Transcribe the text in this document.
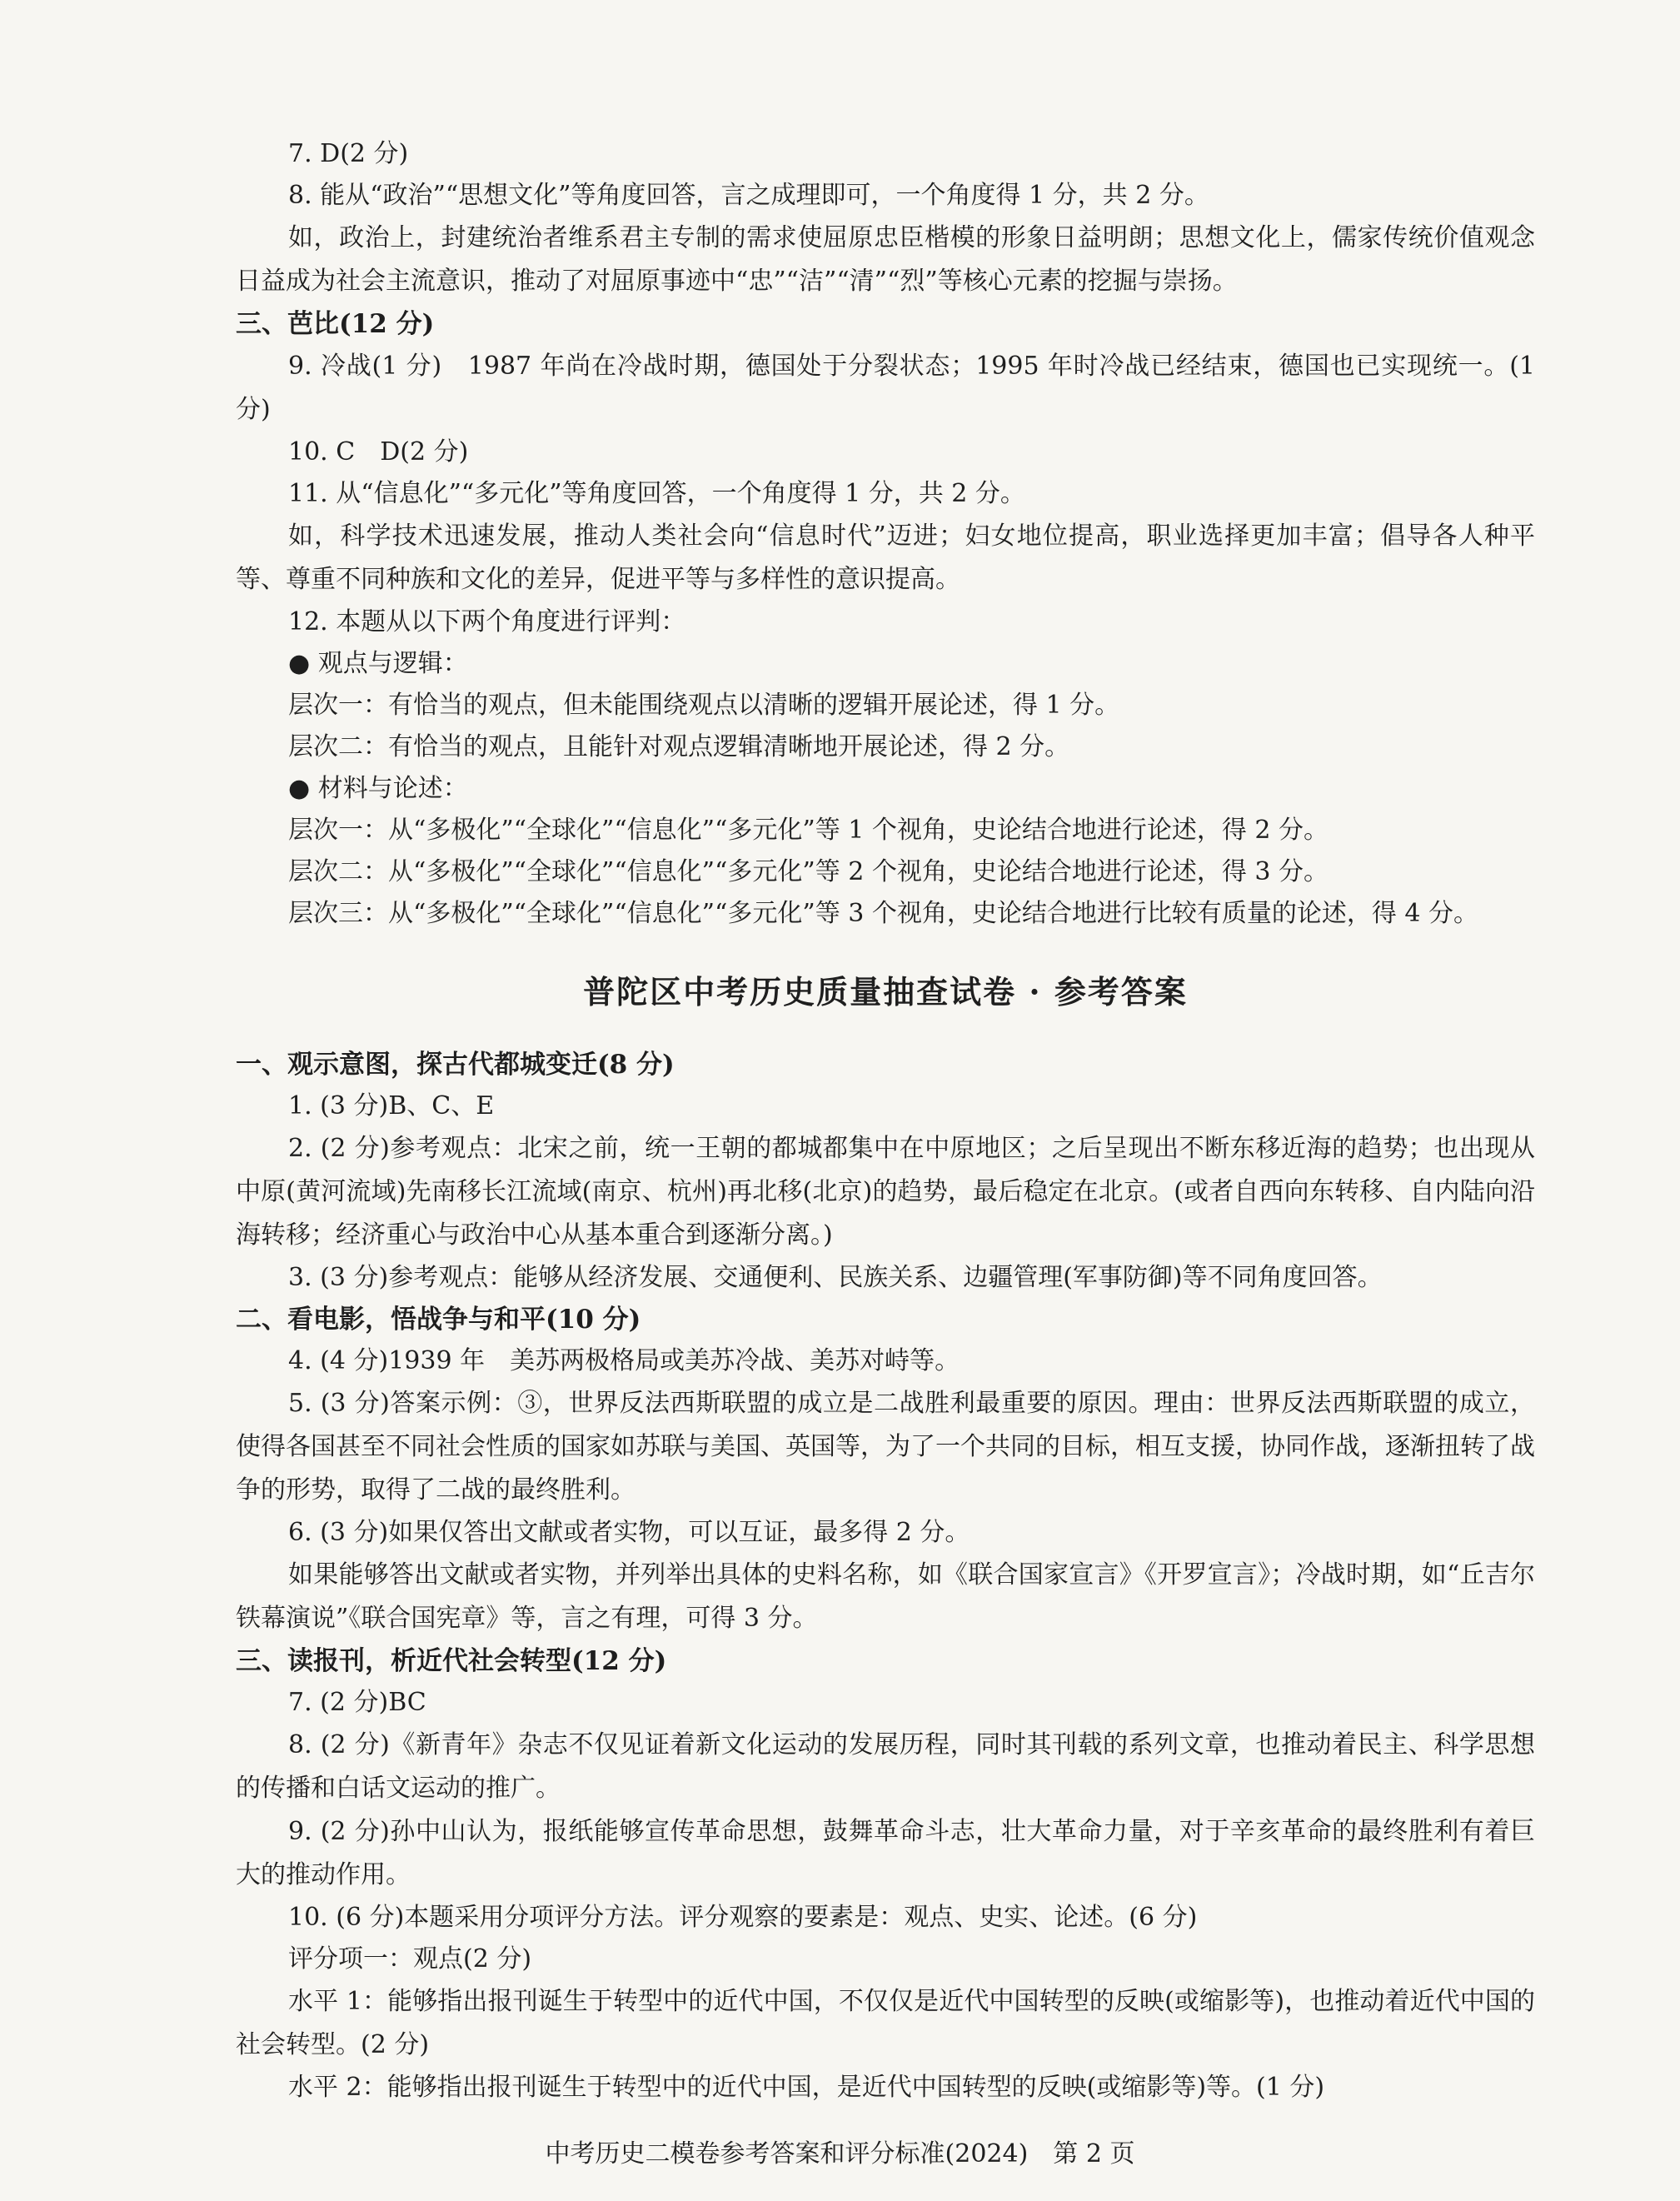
7. D(2 分)

8. 能从“政治”“思想文化”等角度回答，言之成理即可，一个角度得 1 分，共 2 分。

如，政治上，封建统治者维系君主专制的需求使屈原忠臣楷模的形象日益明朗；思想文化上，儒家传统价值观念日益成为社会主流意识，推动了对屈原事迹中“忠”“洁”“清”“烈”等核心元素的挖掘与崇扬。

三、芭比(12 分)

9. 冷战(1 分)　1987 年尚在冷战时期，德国处于分裂状态；1995 年时冷战已经结束，德国也已实现统一。(1 分)

10. C　D(2 分)

11. 从“信息化”“多元化”等角度回答，一个角度得 1 分，共 2 分。

如，科学技术迅速发展，推动人类社会向“信息时代”迈进；妇女地位提高，职业选择更加丰富；倡导各人种平等、尊重不同种族和文化的差异，促进平等与多样性的意识提高。

12. 本题从以下两个角度进行评判：

● 观点与逻辑：

层次一：有恰当的观点，但未能围绕观点以清晰的逻辑开展论述，得 1 分。

层次二：有恰当的观点，且能针对观点逻辑清晰地开展论述，得 2 分。

● 材料与论述：

层次一：从“多极化”“全球化”“信息化”“多元化”等 1 个视角，史论结合地进行论述，得 2 分。

层次二：从“多极化”“全球化”“信息化”“多元化”等 2 个视角，史论结合地进行论述，得 3 分。

层次三：从“多极化”“全球化”“信息化”“多元化”等 3 个视角，史论结合地进行比较有质量的论述，得 4 分。

普陀区中考历史质量抽查试卷 · 参考答案

一、观示意图，探古代都城变迁(8 分)

1. (3 分)B、C、E

2. (2 分)参考观点：北宋之前，统一王朝的都城都集中在中原地区；之后呈现出不断东移近海的趋势；也出现从中原(黄河流域)先南移长江流域(南京、杭州)再北移(北京)的趋势，最后稳定在北京。(或者自西向东转移、自内陆向沿海转移；经济重心与政治中心从基本重合到逐渐分离。)

3. (3 分)参考观点：能够从经济发展、交通便利、民族关系、边疆管理(军事防御)等不同角度回答。

二、看电影，悟战争与和平(10 分)

4. (4 分)1939 年　美苏两极格局或美苏冷战、美苏对峙等。

5. (3 分)答案示例：③，世界反法西斯联盟的成立是二战胜利最重要的原因。理由：世界反法西斯联盟的成立，使得各国甚至不同社会性质的国家如苏联与美国、英国等，为了一个共同的目标，相互支援，协同作战，逐渐扭转了战争的形势，取得了二战的最终胜利。

6. (3 分)如果仅答出文献或者实物，可以互证，最多得 2 分。

如果能够答出文献或者实物，并列举出具体的史料名称，如《联合国家宣言》《开罗宣言》；冷战时期，如“丘吉尔铁幕演说”《联合国宪章》等，言之有理，可得 3 分。

三、读报刊，析近代社会转型(12 分)

7. (2 分)BC

8. (2 分)《新青年》杂志不仅见证着新文化运动的发展历程，同时其刊载的系列文章，也推动着民主、科学思想的传播和白话文运动的推广。

9. (2 分)孙中山认为，报纸能够宣传革命思想，鼓舞革命斗志，壮大革命力量，对于辛亥革命的最终胜利有着巨大的推动作用。

10. (6 分)本题采用分项评分方法。评分观察的要素是：观点、史实、论述。(6 分)

评分项一：观点(2 分)

水平 1：能够指出报刊诞生于转型中的近代中国，不仅仅是近代中国转型的反映(或缩影等)，也推动着近代中国的社会转型。(2 分)

水平 2：能够指出报刊诞生于转型中的近代中国，是近代中国转型的反映(或缩影等)等。(1 分)

中考历史二模卷参考答案和评分标准(2024)　第 2 页
